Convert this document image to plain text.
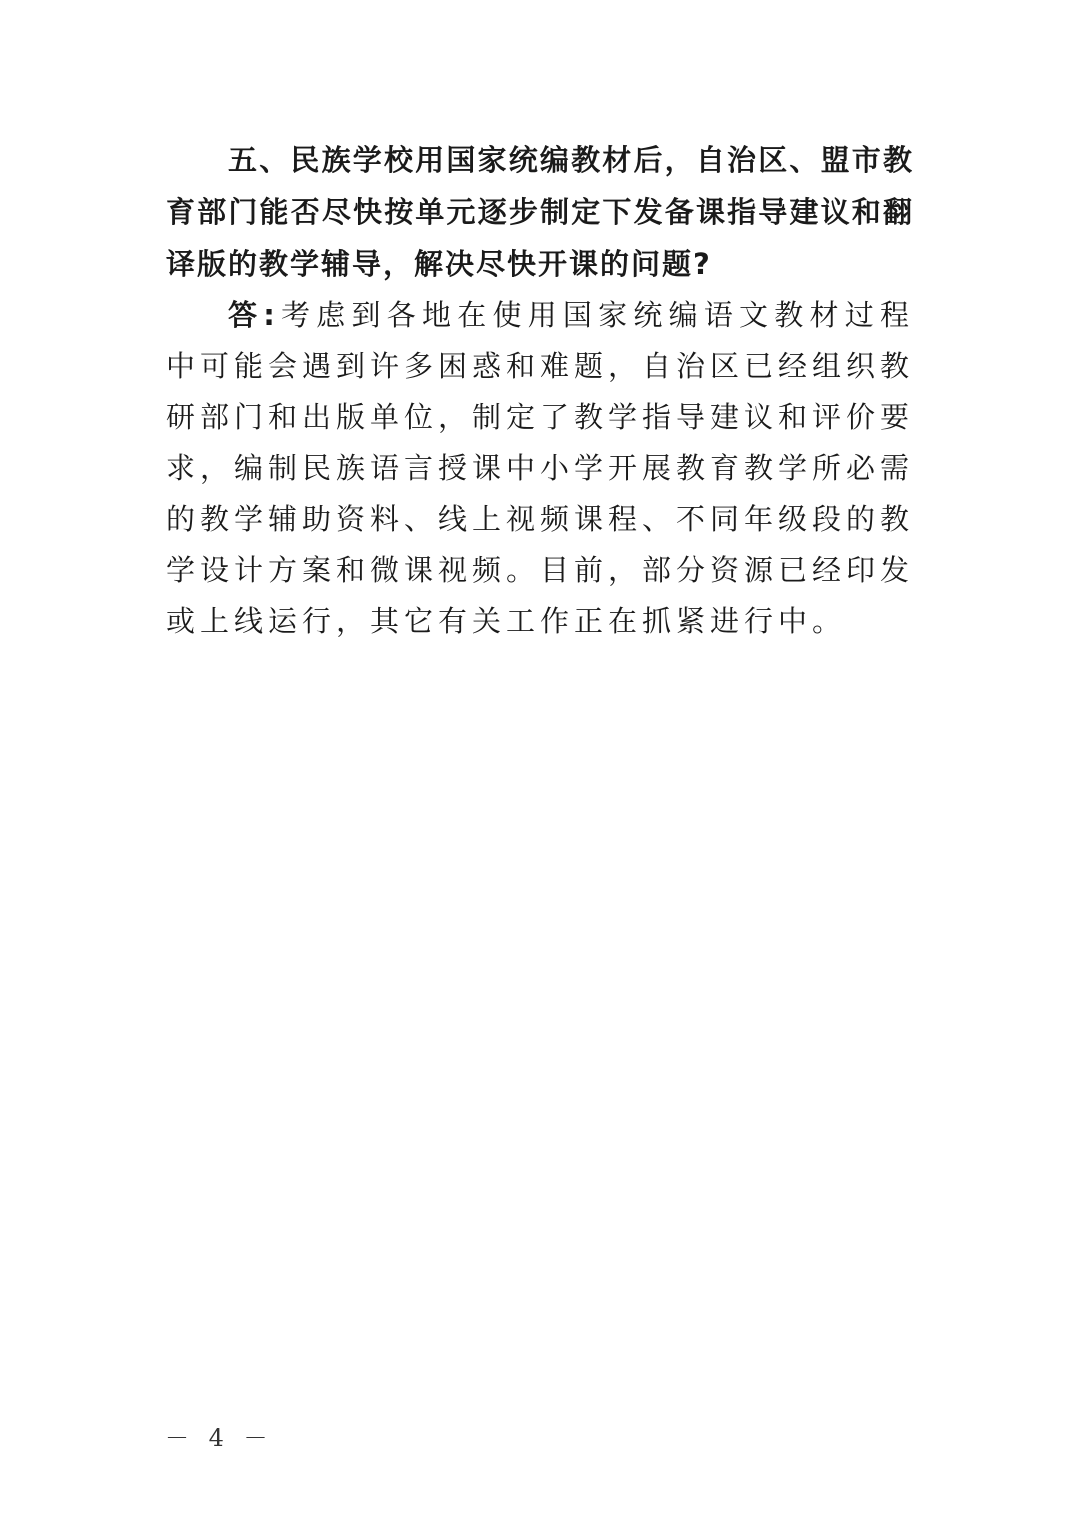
五、民族学校用国家统编教材后，自治区、盟市教育部门能否尽快按单元逐步制定下发备课指导建议和翻译版的教学辅导，解决尽快开课的问题?

答:考虑到各地在使用国家统编语文教材过程中可能会遇到许多困惑和难题，自治区已经组织教研部门和出版单位，制定了教学指导建议和评价要求，编制民族语言授课中小学开展教育教学所必需的教学辅助资料、线上视频课程、不同年级段的教学设计方案和微课视频。目前，部分资源已经印发或上线运行，其它有关工作正在抓紧进行中。

－ 4 －
